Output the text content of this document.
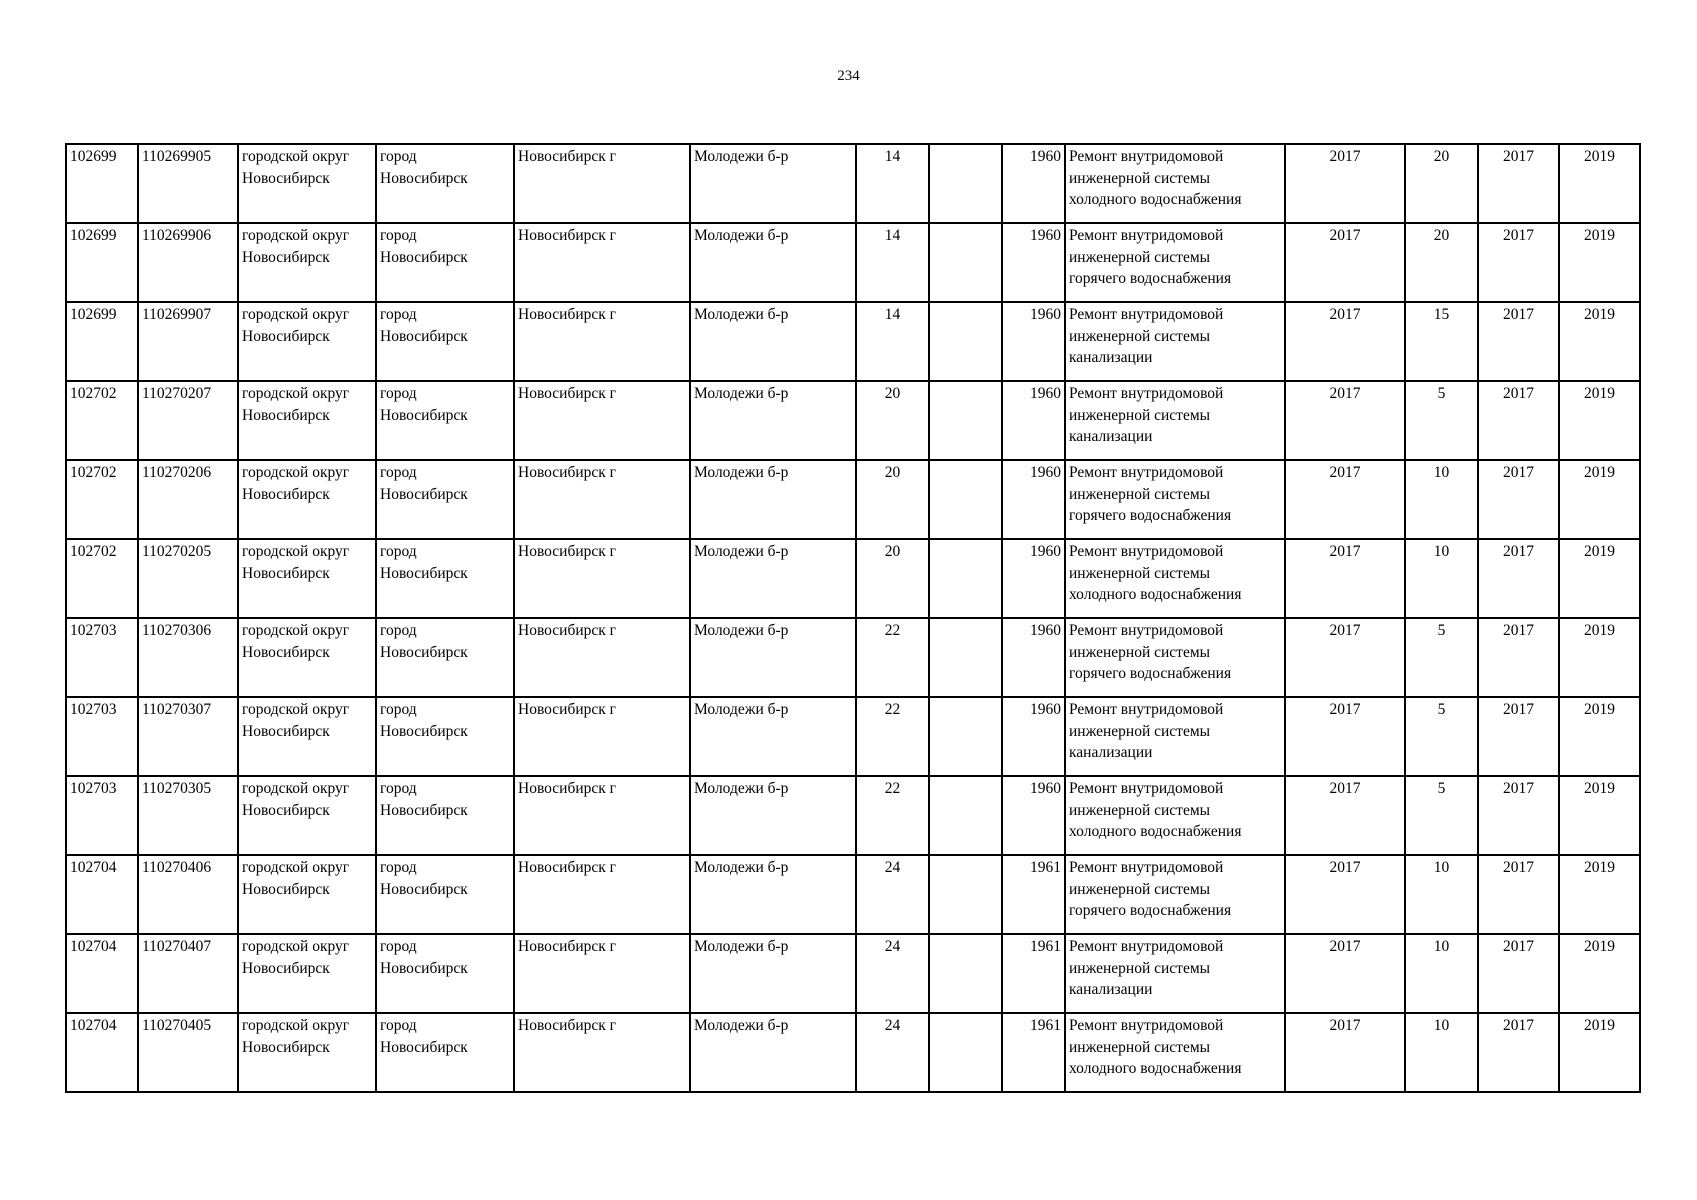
234
102699	110269905	городской округ
Новосибирск	город
Новосибирск	Новосибирск г	Молодежи б-р	14		1960	Ремонт внутридомовой
инженерной системы
холодного водоснабжения	2017	20	2017	2019
102699	110269906	городской округ
Новосибирск	город
Новосибирск	Новосибирск г	Молодежи б-р	14		1960	Ремонт внутридомовой
инженерной системы
горячего водоснабжения	2017	20	2017	2019
102699	110269907	городской округ
Новосибирск	город
Новосибирск	Новосибирск г	Молодежи б-р	14		1960	Ремонт внутридомовой
инженерной системы
канализации	2017	15	2017	2019
102702	110270207	городской округ
Новосибирск	город
Новосибирск	Новосибирск г	Молодежи б-р	20		1960	Ремонт внутридомовой
инженерной системы
канализации	2017	5	2017	2019
102702	110270206	городской округ
Новосибирск	город
Новосибирск	Новосибирск г	Молодежи б-р	20		1960	Ремонт внутридомовой
инженерной системы
горячего водоснабжения	2017	10	2017	2019
102702	110270205	городской округ
Новосибирск	город
Новосибирск	Новосибирск г	Молодежи б-р	20		1960	Ремонт внутридомовой
инженерной системы
холодного водоснабжения	2017	10	2017	2019
102703	110270306	городской округ
Новосибирск	город
Новосибирск	Новосибирск г	Молодежи б-р	22		1960	Ремонт внутридомовой
инженерной системы
горячего водоснабжения	2017	5	2017	2019
102703	110270307	городской округ
Новосибирск	город
Новосибирск	Новосибирск г	Молодежи б-р	22		1960	Ремонт внутридомовой
инженерной системы
канализации	2017	5	2017	2019
102703	110270305	городской округ
Новосибирск	город
Новосибирск	Новосибирск г	Молодежи б-р	22		1960	Ремонт внутридомовой
инженерной системы
холодного водоснабжения	2017	5	2017	2019
102704	110270406	городской округ
Новосибирск	город
Новосибирск	Новосибирск г	Молодежи б-р	24		1961	Ремонт внутридомовой
инженерной системы
горячего водоснабжения	2017	10	2017	2019
102704	110270407	городской округ
Новосибирск	город
Новосибирск	Новосибирск г	Молодежи б-р	24		1961	Ремонт внутридомовой
инженерной системы
канализации	2017	10	2017	2019
102704	110270405	городской округ
Новосибирск	город
Новосибирск	Новосибирск г	Молодежи б-р	24		1961	Ремонт внутридомовой
инженерной системы
холодного водоснабжения	2017	10	2017	2019
